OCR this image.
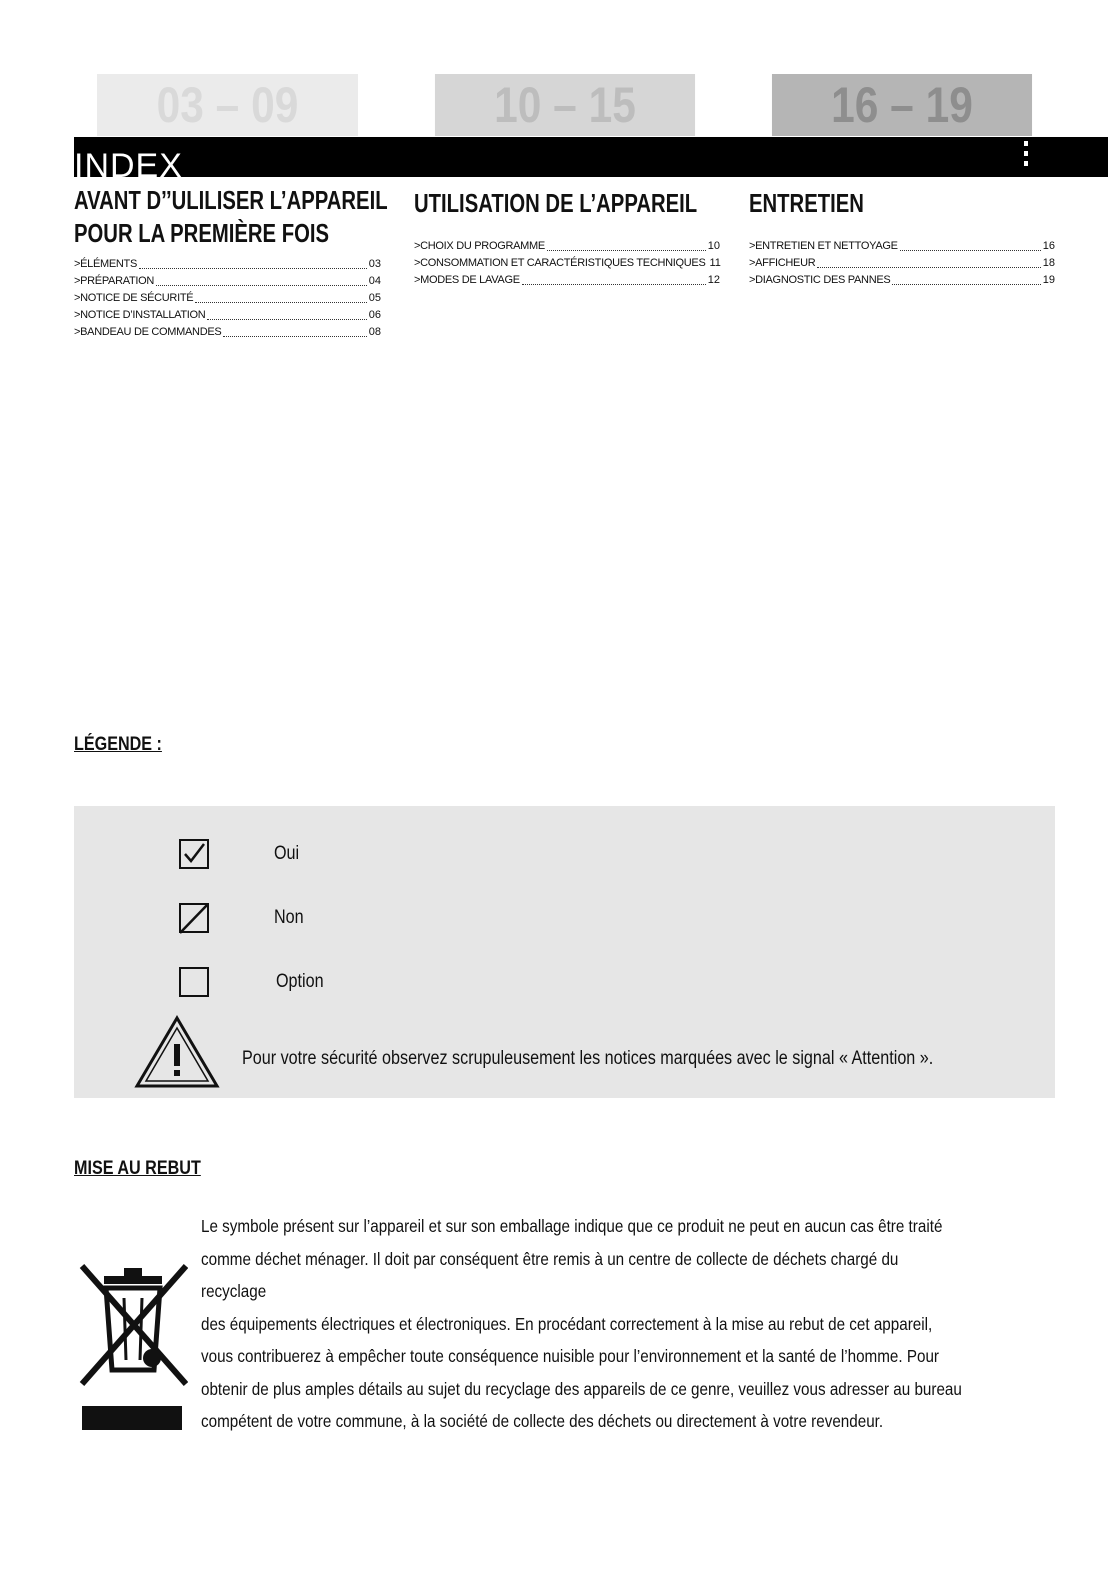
03 – 09	10 – 15	16 – 19
INDEX
AVANT D’’ULILISER L’APPAREIL
POUR LA PREMIÈRE FOIS
>ÉLÉMENTS	03
>PRÉPARATION	04
>NOTICE DE SÉCURITÉ	05
>NOTICE D’INSTALLATION	06
>BANDEAU DE COMMANDES	08
UTILISATION DE L’APPAREIL
>CHOIX DU PROGRAMME	10
>CONSOMMATION ET CARACTÉRISTIQUES TECHNIQUES 11
>MODES DE LAVAGE	12
ENTRETIEN
>ENTRETIEN ET NETTOYAGE	16
>AFFICHEUR	18
>DIAGNOSTIC DES PANNES	19
LÉGENDE :
Oui
Non
Option
Pour votre sécurité observez scrupuleusement les notices marquées avec le signal « Attention ».
MISE AU REBUT

Le symbole présent sur l’appareil et sur son emballage indique que ce produit ne peut en aucun cas être traité

comme déchet ménager. Il doit par conséquent être remis à un centre de collecte de déchets chargé du recyclage

des équipements électriques et électroniques. En procédant correctement à la mise au rebut de cet appareil,

vous contribuerez à empêcher toute conséquence nuisible pour l’environnement et la santé de l’homme. Pour

obtenir de plus amples détails au sujet du recyclage des appareils de ce genre, veuillez vous adresser au bureau

compétent de votre commune, à la société de collecte des déchets ou directement à votre revendeur.
